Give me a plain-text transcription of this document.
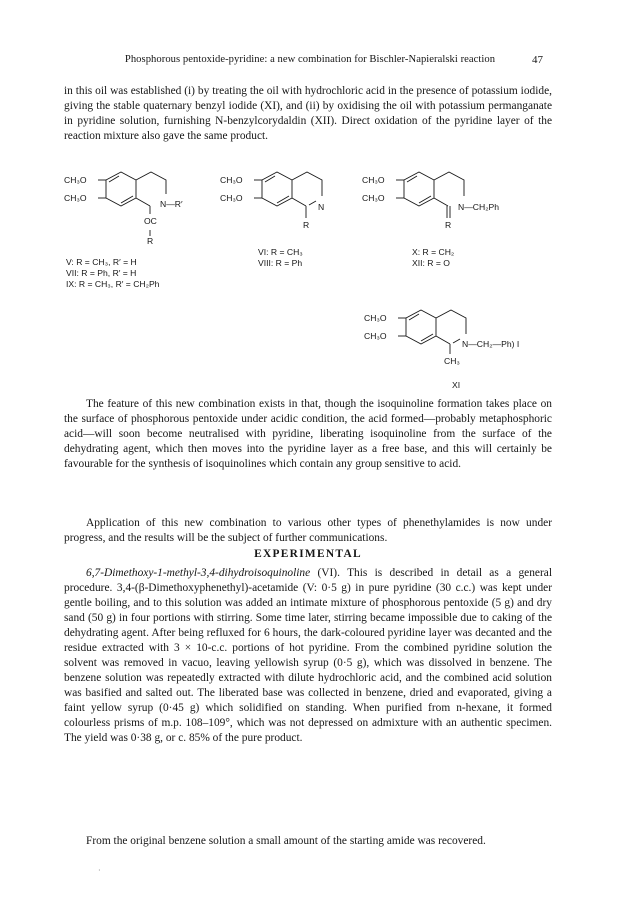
Phosphorous pentoxide-pyridine: a new combination for Bischler-Napieralski reaction	47

in this oil was established (i) by treating the oil with hydrochloric acid in the presence of potassium iodide, giving the stable quaternary benzyl iodide (XI), and (ii) by oxidising the oil with potassium permanganate in pyridine solution, furnishing N-benzylcorydaldin (XII). Direct oxidation of the pyridine layer of the reaction mixture also gave the same product.

CH₃O
CH₃O
N—R′
OC
R
V: R = CH₃, R′ = H
VII: R = Ph, R′ = H
IX: R = CH₃, R′ = CH₂Ph
CH₃O
CH₃O
N
R
VI: R = CH₃
VIII: R = Ph
CH₃O
CH₃O
N—CH₂Ph
R
X: R = CH₂
XII: R = O
CH₃O
CH₃O
N—CH₂—Ph) I
CH₃
XI

The feature of this new combination exists in that, though the isoquinoline formation takes place on the surface of phosphorous pentoxide under acidic condition, the acid formed—probably metaphosphoric acid—will soon become neutralised with pyridine, liberating isoquinoline from the surface of the dehydrating agent, which then moves into the pyridine layer as a free base, and this will certainly be favourable for the synthesis of isoquinolines which contain any group sensitive to acid.

Application of this new combination to various other types of phenethylamides is now under progress, and the results will be the subject of further communications.

EXPERIMENTAL

6,7-Dimethoxy-1-methyl-3,4-dihydroisoquinoline (VI). This is described in detail as a general procedure. 3,4-(β-Dimethoxyphenethyl)-acetamide (V: 0·5 g) in pure pyridine (30 c.c.) was kept under gentle boiling, and to this solution was added an intimate mixture of phosphorous pentoxide (5 g) and dry sand (50 g) in four portions with stirring. Some time later, stirring became impossible due to caking of the dehydrating agent. After being refluxed for 6 hours, the dark-coloured pyridine layer was decanted and the residue extracted with 3 × 10-c.c. portions of hot pyridine. From the combined pyridine solution the solvent was removed in vacuo, leaving yellowish syrup (0·5 g), which was dissolved in benzene. The benzene solution was repeatedly extracted with dilute hydrochloric acid, and the combined acid solution was basified and salted out. The liberated base was collected in benzene, dried and evaporated, giving a faint yellow syrup (0·45 g) which solidified on standing. When purified from n-hexane, it formed colourless prisms of m.p. 108–109°, which was not depressed on admixture with an authentic specimen. The yield was 0·38 g, or c. 85% of the pure product.

From the original benzene solution a small amount of the starting amide was recovered.

·
